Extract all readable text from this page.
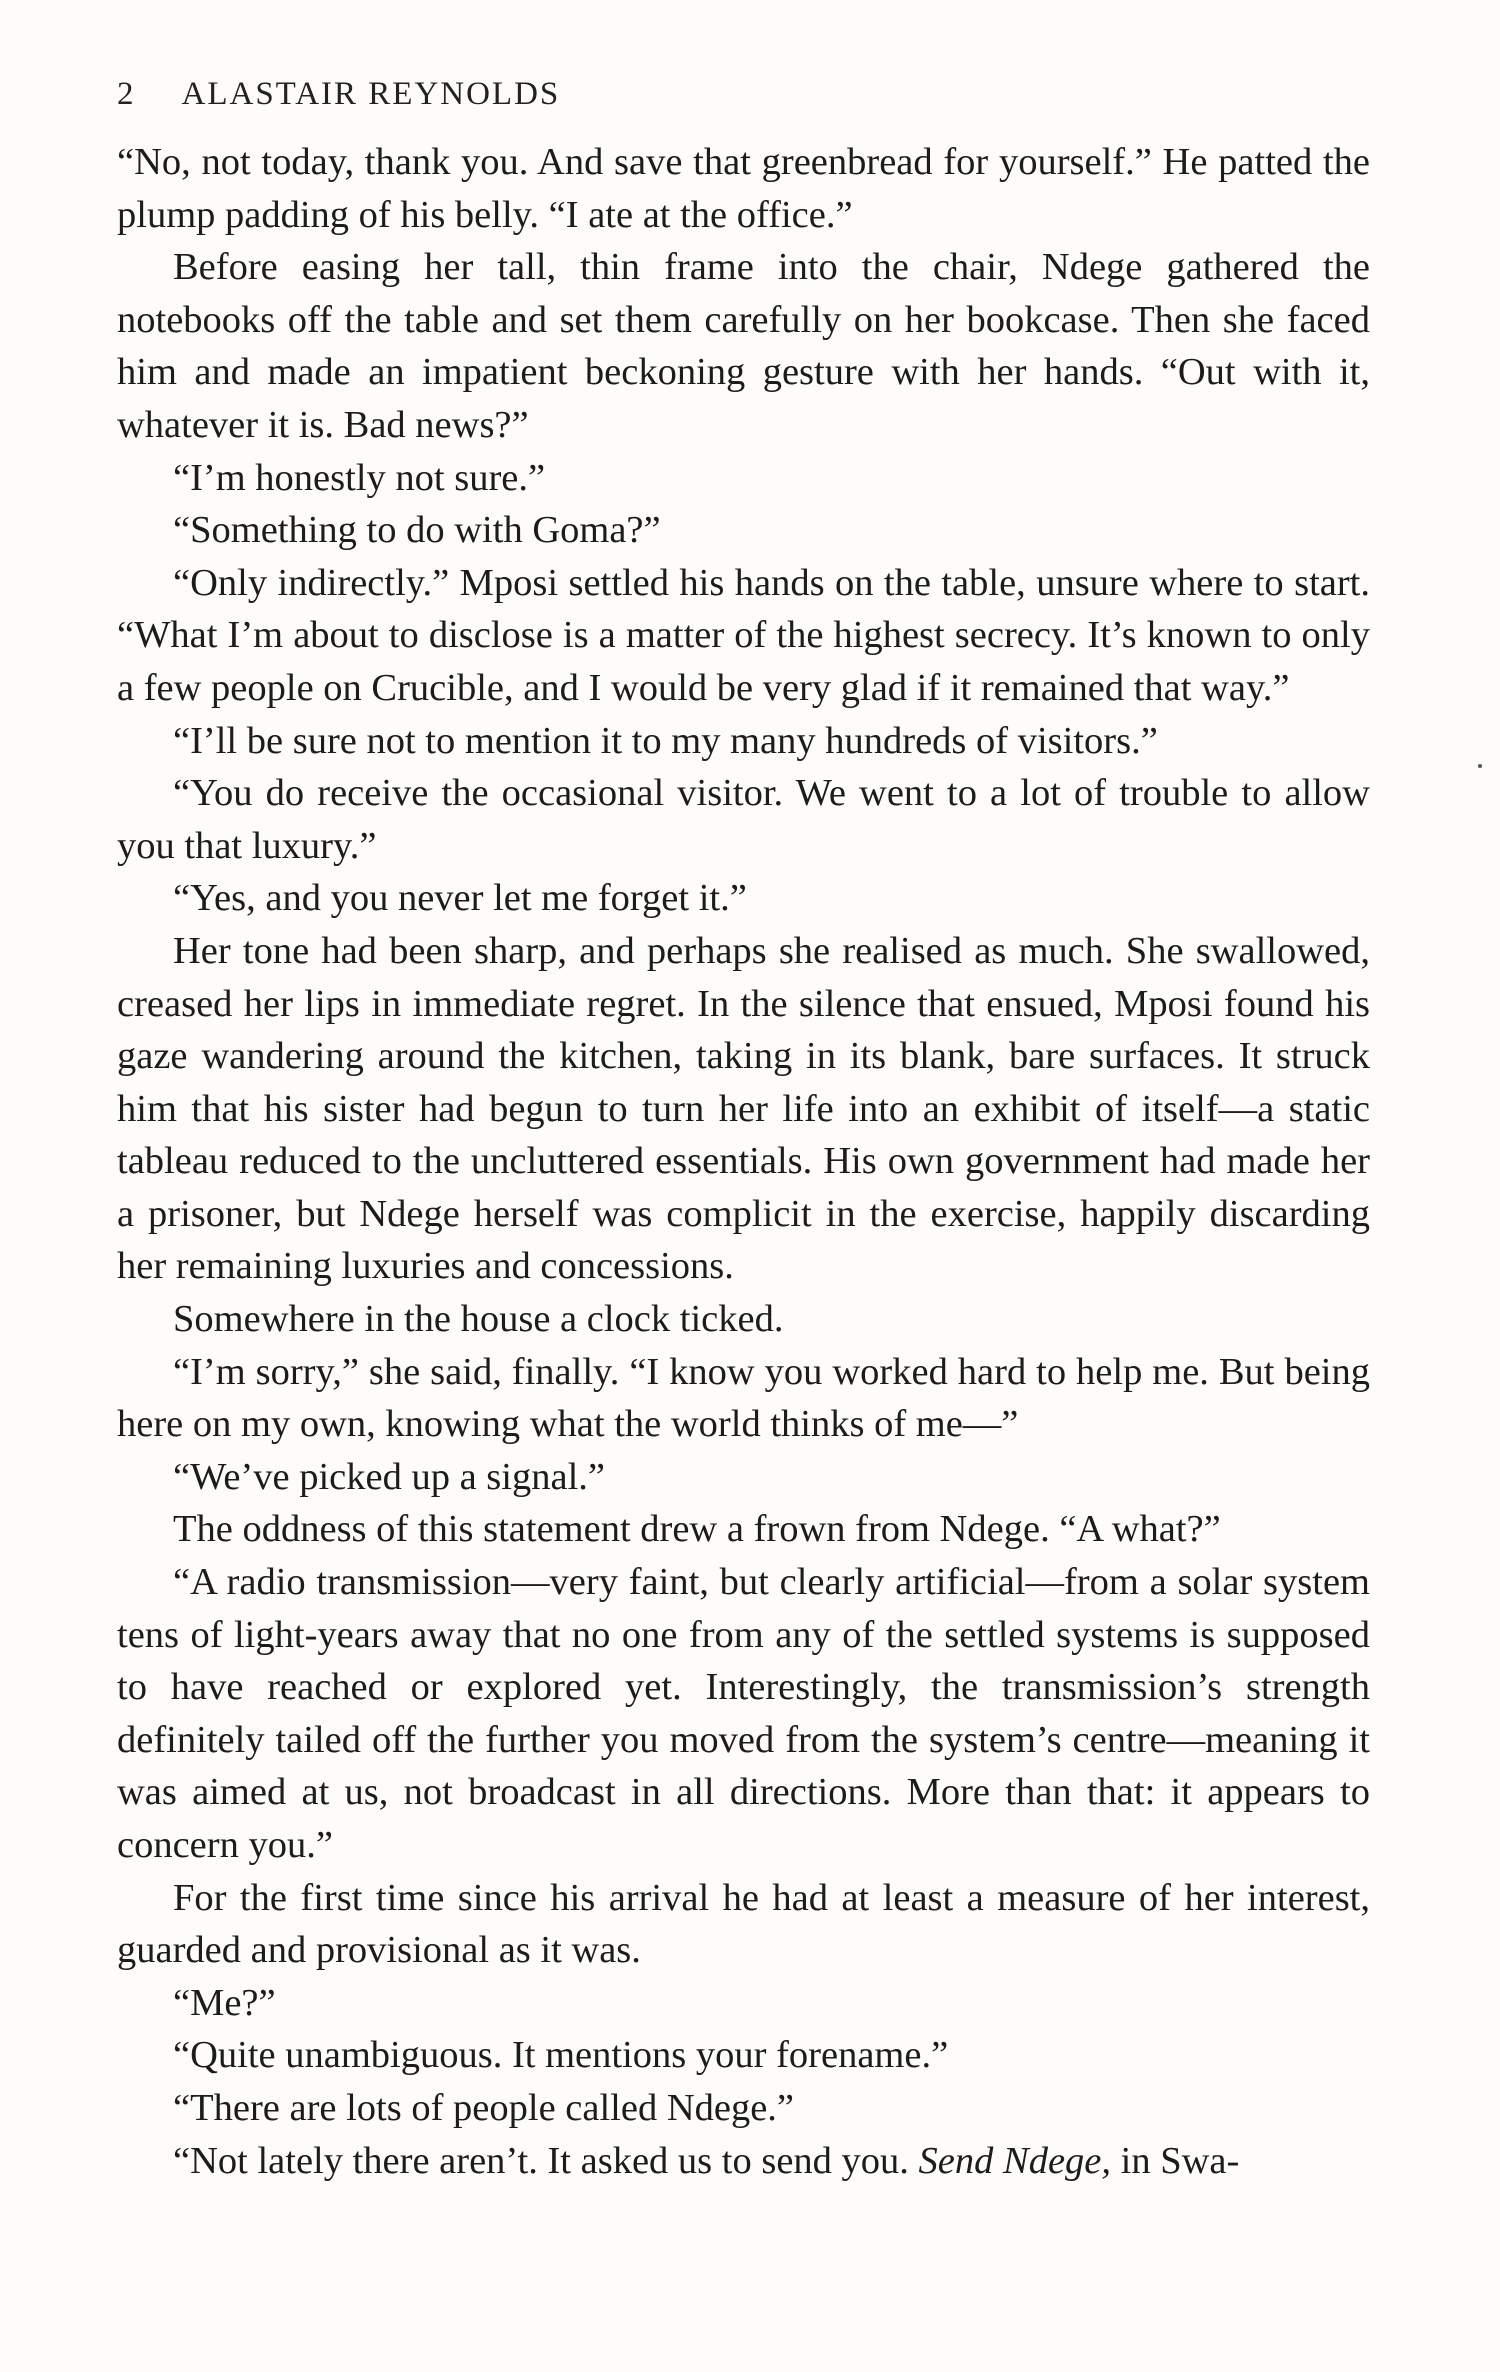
2 ALASTAIR REYNOLDS

“No, not today, thank you. And save that greenbread for yourself.” He patted the plump padding of his belly. “I ate at the office.”

Before easing her tall, thin frame into the chair, Ndege gathered the notebooks off the table and set them carefully on her bookcase. Then she faced him and made an impatient beckoning gesture with her hands. “Out with it, whatever it is. Bad news?”

“I’m honestly not sure.”

“Something to do with Goma?”

“Only indirectly.” Mposi settled his hands on the table, unsure where to start. “What I’m about to disclose is a matter of the highest secrecy. It’s known to only a few people on Crucible, and I would be very glad if it remained that way.”

“I’ll be sure not to mention it to my many hundreds of visitors.”

“You do receive the occasional visitor. We went to a lot of trouble to allow you that luxury.”

“Yes, and you never let me forget it.”

Her tone had been sharp, and perhaps she realised as much. She swallowed, creased her lips in immediate regret. In the silence that ensued, Mposi found his gaze wandering around the kitchen, taking in its blank, bare surfaces. It struck him that his sister had begun to turn her life into an exhibit of itself—a static tableau reduced to the uncluttered essentials. His own government had made her a prisoner, but Ndege herself was complicit in the exercise, happily discarding her remaining luxuries and concessions.

Somewhere in the house a clock ticked.

“I’m sorry,” she said, finally. “I know you worked hard to help me. But being here on my own, knowing what the world thinks of me—”

“We’ve picked up a signal.”

The oddness of this statement drew a frown from Ndege. “A what?”

“A radio transmission—very faint, but clearly artificial—from a solar system tens of light-years away that no one from any of the settled systems is supposed to have reached or explored yet. Interestingly, the transmission’s strength definitely tailed off the further you moved from the system’s centre—meaning it was aimed at us, not broadcast in all directions. More than that: it appears to concern you.”

For the first time since his arrival he had at least a measure of her interest, guarded and provisional as it was.

“Me?”

“Quite unambiguous. It mentions your forename.”

“There are lots of people called Ndege.”

“Not lately there aren’t. It asked us to send you. Send Ndege, in Swa-
